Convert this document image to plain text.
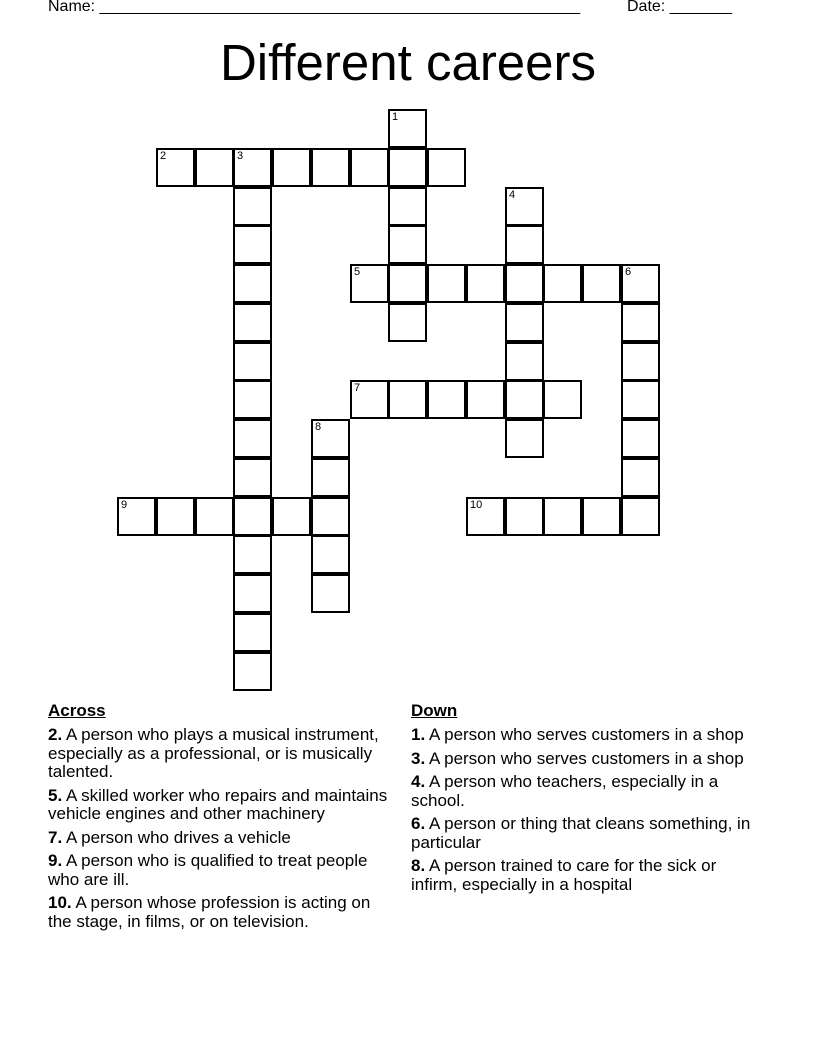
Name: ______________________________________________________	Date: _______
Different careers
1
2	3
4
5	6
7
8
9	10
Across
2. A person who plays a musical instrument, especially as a professional, or is musically talented.
5. A skilled worker who repairs and maintains vehicle engines and other machinery
7. A person who drives a vehicle
9. A person who is qualified to treat people who are ill.
10. A person whose profession is acting on the stage, in films, or on television.
Down
1. A person who serves customers in a shop
3. A person who serves customers in a shop
4. A person who teachers, especially in a school.
6. A person or thing that cleans something, in particular
8. A person trained to care for the sick or infirm, especially in a hospital
